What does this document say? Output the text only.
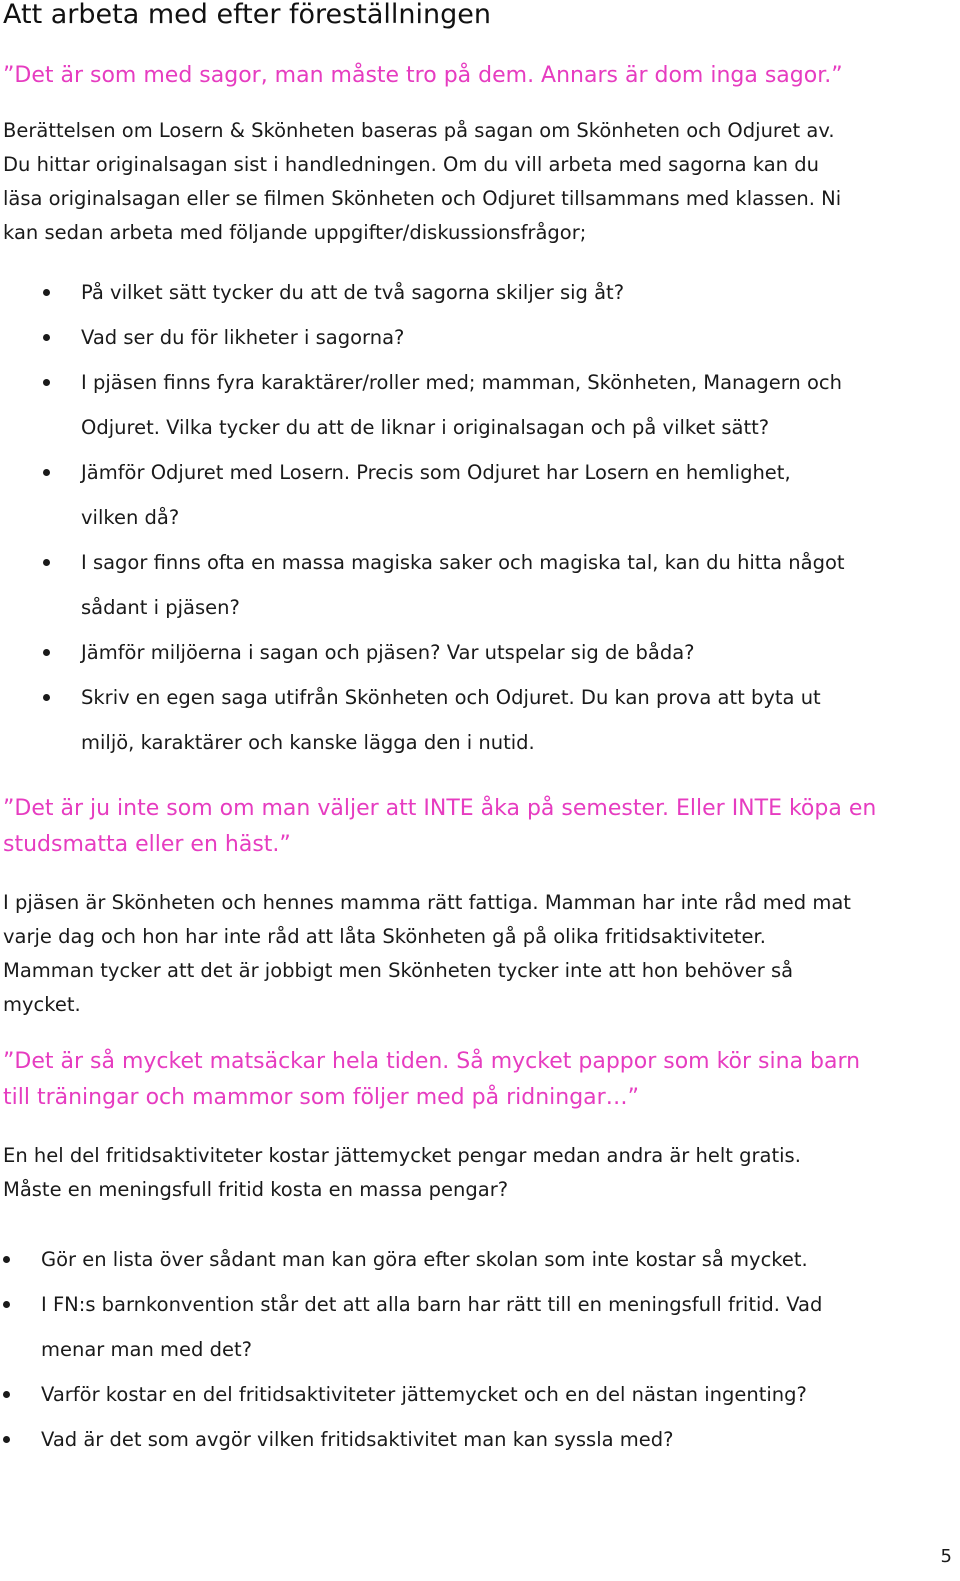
Att arbeta med efter föreställningen

”Det är som med sagor, man måste tro på dem. Annars är dom inga sagor.”

Berättelsen om Losern & Skönheten baseras på sagan om Skönheten och Odjuret av.
Du hittar originalsagan sist i handledningen. Om du vill arbeta med sagorna kan du
läsa originalsagan eller se filmen Skönheten och Odjuret tillsammans med klassen. Ni
kan sedan arbeta med följande uppgifter/diskussionsfrågor;
På vilket sätt tycker du att de två sagorna skiljer sig åt?
Vad ser du för likheter i sagorna?
I pjäsen finns fyra karaktärer/roller med; mamman, Skönheten, Managern och
Odjuret. Vilka tycker du att de liknar i originalsagan och på vilket sätt?
Jämför Odjuret med Losern. Precis som Odjuret har Losern en hemlighet,
vilken då?
I sagor finns ofta en massa magiska saker och magiska tal, kan du hitta något
sådant i pjäsen?
Jämför miljöerna i sagan och pjäsen? Var utspelar sig de båda?
Skriv en egen saga utifrån Skönheten och Odjuret. Du kan prova att byta ut
miljö, karaktärer och kanske lägga den i nutid.
”Det är ju inte som om man väljer att INTE åka på semester. Eller INTE köpa en
studsmatta eller en häst.”
I pjäsen är Skönheten och hennes mamma rätt fattiga. Mamman har inte råd med mat
varje dag och hon har inte råd att låta Skönheten gå på olika fritidsaktiviteter.
Mamman tycker att det är jobbigt men Skönheten tycker inte att hon behöver så
mycket.
”Det är så mycket matsäckar hela tiden. Så mycket pappor som kör sina barn
till träningar och mammor som följer med på ridningar…”
En hel del fritidsaktiviteter kostar jättemycket pengar medan andra är helt gratis.
Måste en meningsfull fritid kosta en massa pengar?
Gör en lista över sådant man kan göra efter skolan som inte kostar så mycket.
I FN:s barnkonvention står det att alla barn har rätt till en meningsfull fritid. Vad
menar man med det?
Varför kostar en del fritidsaktiviteter jättemycket och en del nästan ingenting?
Vad är det som avgör vilken fritidsaktivitet man kan syssla med?
5
